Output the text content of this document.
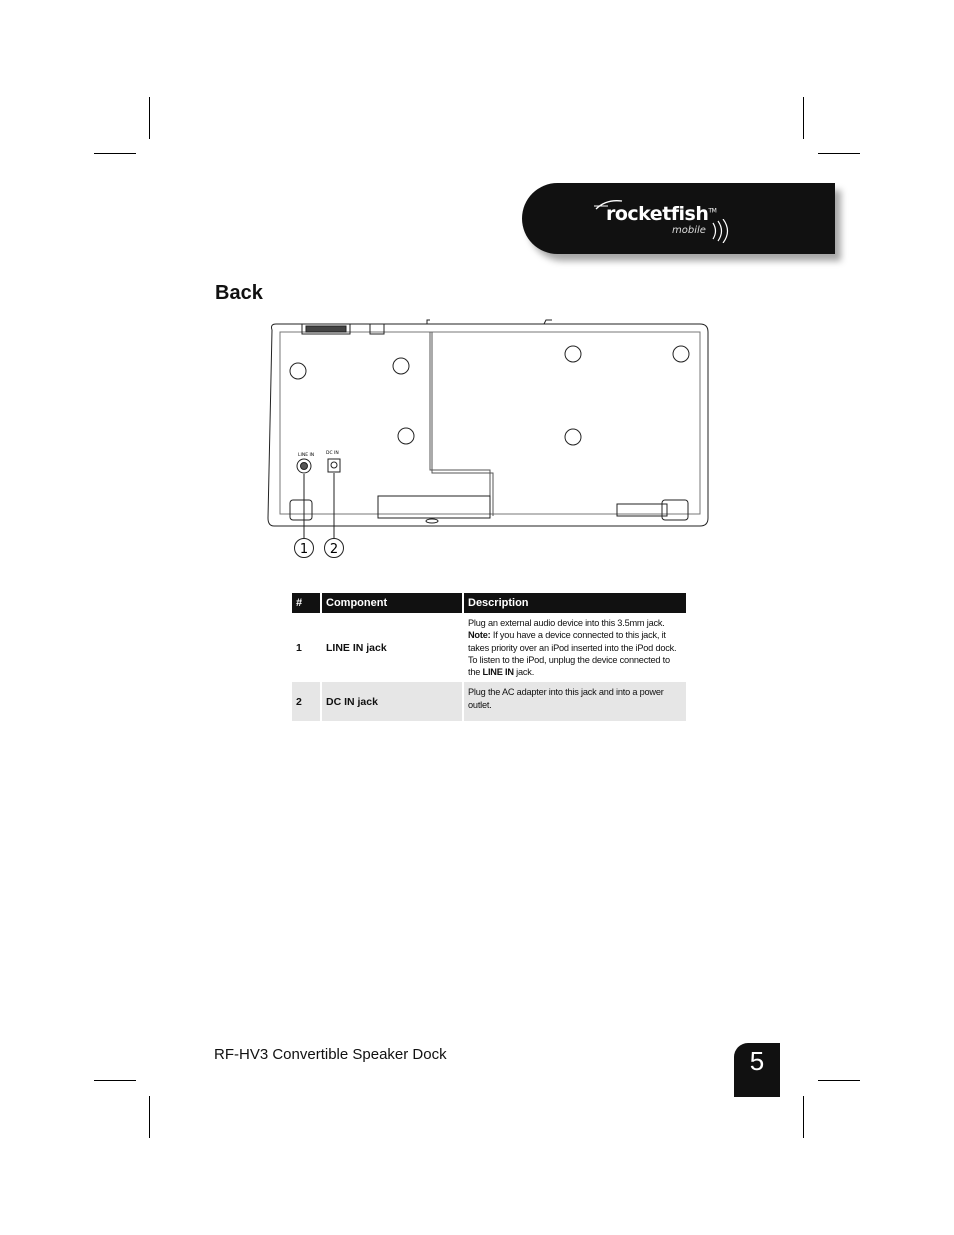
rocketfish™
mobile
Back
LINE IN	DC IN
1 2
#	Component	Description
1	LINE IN jack	Plug an external audio device into this 3.5mm jack.
Note: If you have a device connected to this jack, it takes priority over an iPod inserted into the iPod dock. To listen to the iPod, unplug the device connected to the LINE IN jack.
2	DC IN jack	Plug the AC adapter into this jack and into a power outlet.
RF-HV3 Convertible Speaker Dock	5
